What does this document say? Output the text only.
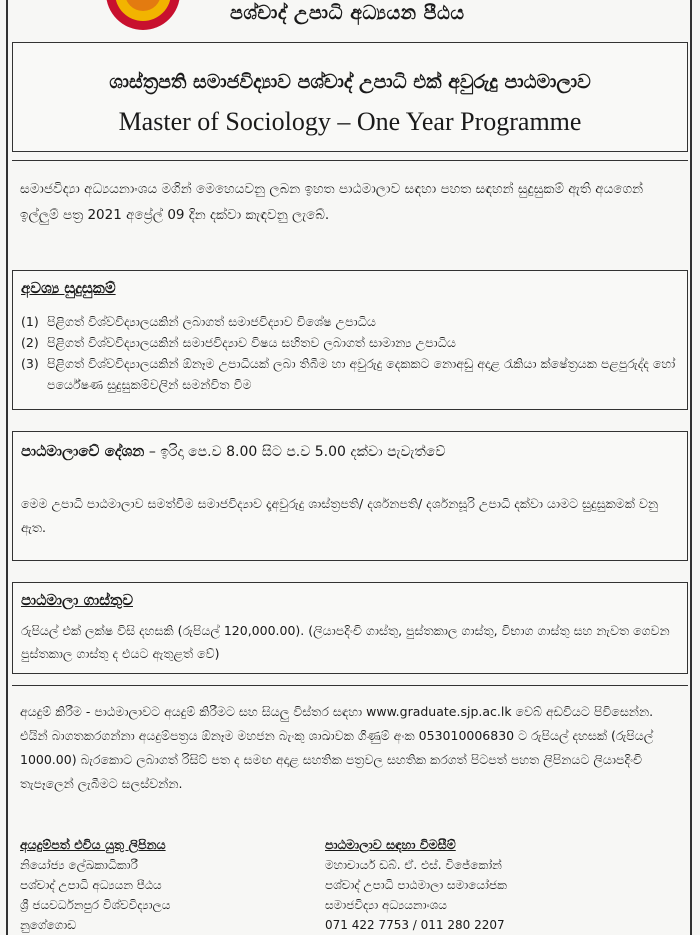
පශ්චාද් උපාධි අධ්‍යයන පීඨය
ශාස්ත්‍රපති සමාජවිද්‍යාව පශ්චාද් උපාධි එක් අවුරුදු පාඨමාලාව
Master of Sociology – One Year Programme
සමාජවිද්‍යා අධ්‍යයනාංශය මගින් මෙහෙයවනු ලබන ඉහත පාඨමාලාව සඳහා පහත සඳහන් සුදුසුකම් ඇති අයගෙන් ඉල්ලුම් පත්‍ර 2021 අප්‍රේල් 09 දින දක්වා කැඳවනු ලැබේ.
අවශ්‍ය සුදුසුකම්
(1) පිළිගත් විශ්වවිද්‍යාලයකින් ලබාගත් සමාජවිද්‍යාව විශේෂ උපාධිය
(2) පිළිගත් විශ්වවිද්‍යාලයකින් සමාජවිද්‍යාව විෂය සහිතව ලබාගත් සාමාන්‍ය උපාධිය
(3) පිළිගත් විශ්වවිද්‍යාලයකින් ඕනෑම උපාධියක් ලබා තිබීම හා අවුරුදු දෙකකට නොඅඩු අදාළ රැකියා ක්ෂේත්‍රයක පළපුරුද්ද හෝ පර්යේෂණ සුදුසුකම්වලින් සමන්විත වීම
පාඨමාලාවේ දේශන – ඉරිදා පෙ.ව 8.00 සිට ප.ව 5.00 දක්වා පැවැත්වේ
මෙම උපාධි පාඨමාලාව සමත්වීම සමාජවිද්‍යාව දෑඅවුරුදු ශාස්ත්‍රපති/ දර්ශනපති/ දර්ශනසූරි උපාධි දක්වා යාමට සුදුසුකමක් වනු ඇත.
පාඨමාලා ගාස්තුව
රුපියල් එක් ලක්ෂ විසි දහසකි (රුපියල් 120,000.00). (ලියාපදිංචි ගාස්තු, පුස්තකාල ගාස්තු, විභාග ගාස්තු සහ නැවත ගෙවන පුස්තකාල ගාස්තු ද එයට ඇතුළත් වේ)
අයදුම් කිරීම - පාඨමාලාවට අයදුම් කිරීමට සහ සියලු විස්තර සඳහා www.graduate.sjp.ac.lk වෙබ් අඩවියට පිවිසෙන්න. එයින් බාගතකරගන්නා අයදුම්පත්‍රය ඕනෑම මහජන බැංකු ශාඛාවක ගිණුම් අංක 053010006830 ට රුපියල් දහසක් (රුපියල් 1000.00) බැරකොට ලබාගත් රිසිට් පත ද සමඟ අදාළ සහතික පත්‍රවල සහතික කරගත් පිටපත් පහත ලිපිනයට ලියාපදිංචි තැපෑලෙන් ලැබීමට සලස්වන්න.
අයදුම්පත් එවිය යුතු ලිපිනය
නියෝජ්‍ය ලේඛකාධිකාරී
පශ්චාද් උපාධි අධ්‍යයන පීඨය
ශ්‍රී ජයවර්ධනපුර විශ්වවිද්‍යාලය
නුගේගොඩ
පාඨමාලාව සඳහා විමසීම්
මහාචාර්ය ඩබ්. ඒ. එස්. විජේකෝන්
පශ්චාද් උපාධි පාඨමාලා සමායෝජක
සමාජවිද්‍යා අධ්‍යයනාංශය
071 422 7753 / 011 280 2207
